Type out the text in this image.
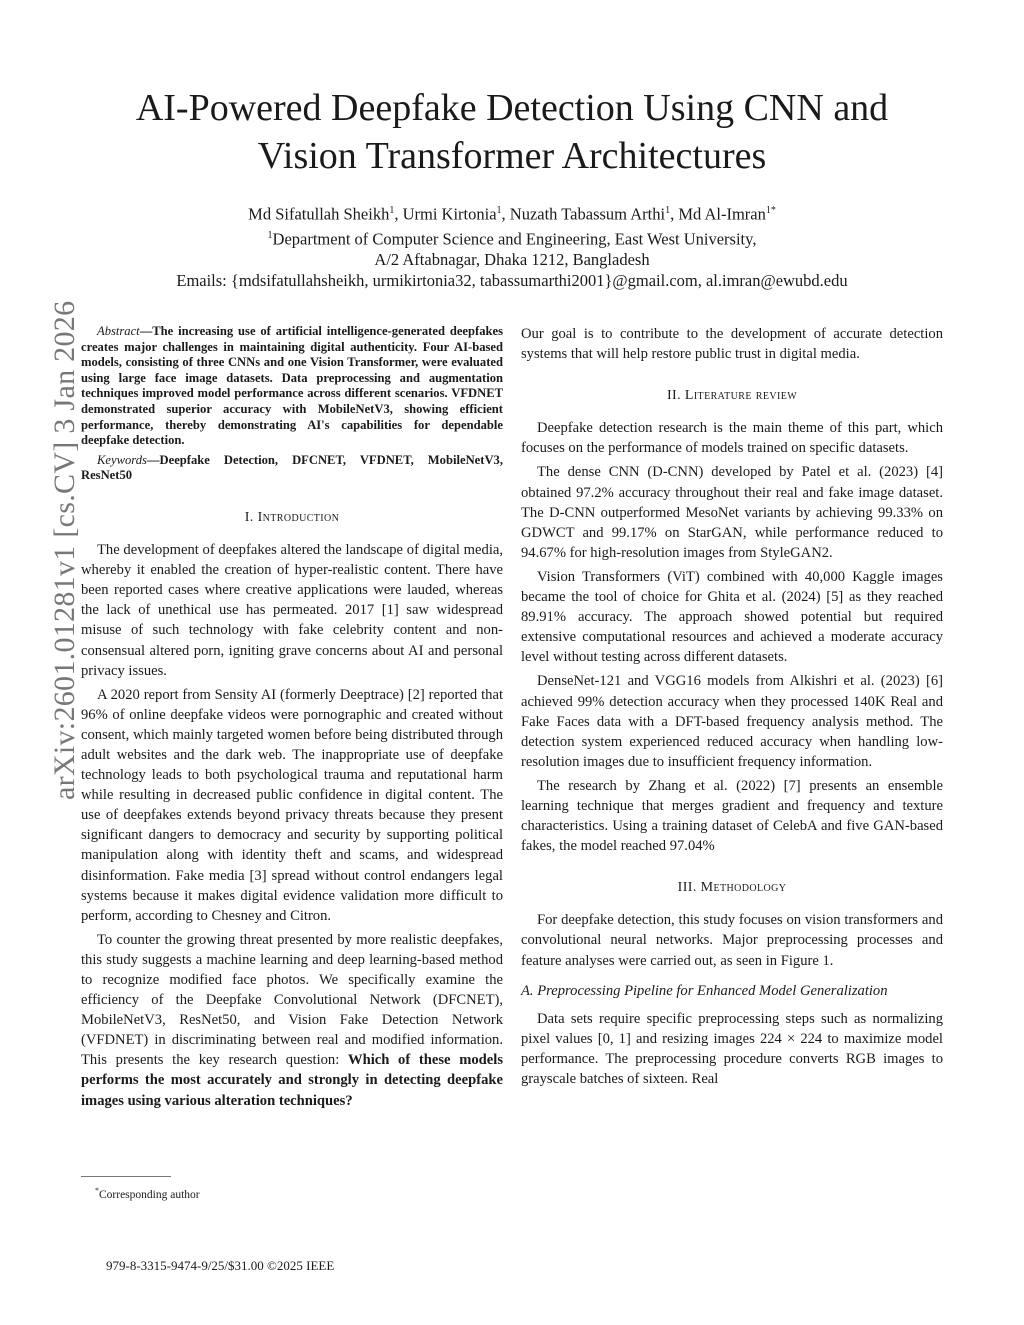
arXiv:2601.01281v1 [cs.CV] 3 Jan 2026
AI-Powered Deepfake Detection Using CNN and
Vision Transformer Architectures
Md Sifatullah Sheikh$^1$, Urmi Kirtonia$^1$, Nuzath Tabassum Arthi$^1$, Md Al-Imran$^{1*}$
$^1$Department of Computer Science and Engineering, East West University,
A/2 Aftabnagar, Dhaka 1212, Bangladesh
Emails: {mdsifatullahsheikh, urmikirtonia32, tabassumarthi2001}@gmail.com, al.imran@ewubd.edu

Abstract—The increasing use of artificial intelligence-generated deepfakes creates major challenges in maintaining digital authenticity. Four AI-based models, consisting of three CNNs and one Vision Transformer, were evaluated using large face image datasets. Data preprocessing and augmentation techniques improved model performance across different scenarios. VFDNET demonstrated superior accuracy with MobileNetV3, showing efficient performance, thereby demonstrating AI's capabilities for dependable deepfake detection.

Keywords—Deepfake Detection, DFCNET, VFDNET, MobileNetV3, ResNet50

I. Introduction

The development of deepfakes altered the landscape of digital media, whereby it enabled the creation of hyper-realistic content. There have been reported cases where creative applications were lauded, whereas the lack of unethical use has permeated. 2017 [1] saw widespread misuse of such technology with fake celebrity content and non-consensual altered porn, igniting grave concerns about AI and personal privacy issues.

A 2020 report from Sensity AI (formerly Deeptrace) [2] reported that 96% of online deepfake videos were pornographic and created without consent, which mainly targeted women before being distributed through adult websites and the dark web. The inappropriate use of deepfake technology leads to both psychological trauma and reputational harm while resulting in decreased public confidence in digital content. The use of deepfakes extends beyond privacy threats because they present significant dangers to democracy and security by supporting political manipulation along with identity theft and scams, and widespread disinformation. Fake media [3] spread without control endangers legal systems because it makes digital evidence validation more difficult to perform, according to Chesney and Citron.

To counter the growing threat presented by more realistic deepfakes, this study suggests a machine learning and deep learning-based method to recognize modified face photos. We specifically examine the efficiency of the Deepfake Convolutional Network (DFCNET), MobileNetV3, ResNet50, and Vision Fake Detection Network (VFDNET) in discriminating between real and modified information. This presents the key research question: Which of these models performs the most accurately and strongly in detecting deepfake images using various alteration techniques?

Our goal is to contribute to the development of accurate detection systems that will help restore public trust in digital media.

II. Literature review

Deepfake detection research is the main theme of this part, which focuses on the performance of models trained on specific datasets.

The dense CNN (D-CNN) developed by Patel et al. (2023) [4] obtained 97.2% accuracy throughout their real and fake image dataset. The D-CNN outperformed MesoNet variants by achieving 99.33% on GDWCT and 99.17% on StarGAN, while performance reduced to 94.67% for high-resolution images from StyleGAN2.

Vision Transformers (ViT) combined with 40,000 Kaggle images became the tool of choice for Ghita et al. (2024) [5] as they reached 89.91% accuracy. The approach showed potential but required extensive computational resources and achieved a moderate accuracy level without testing across different datasets.

DenseNet-121 and VGG16 models from Alkishri et al. (2023) [6] achieved 99% detection accuracy when they processed 140K Real and Fake Faces data with a DFT-based frequency analysis method. The detection system experienced reduced accuracy when handling low-resolution images due to insufficient frequency information.

The research by Zhang et al. (2022) [7] presents an ensemble learning technique that merges gradient and frequency and texture characteristics. Using a training dataset of CelebA and five GAN-based fakes, the model reached 97.04%

III. Methodology

For deepfake detection, this study focuses on vision transformers and convolutional neural networks. Major preprocessing processes and feature analyses were carried out, as seen in Figure 1.

A. Preprocessing Pipeline for Enhanced Model Generalization

Data sets require specific preprocessing steps such as normalizing pixel values [0, 1] and resizing images 224 × 224 to maximize model performance. The preprocessing procedure converts RGB images to grayscale batches of sixteen. Real

*Corresponding author
979-8-3315-9474-9/25/$31.00 ©2025 IEEE
